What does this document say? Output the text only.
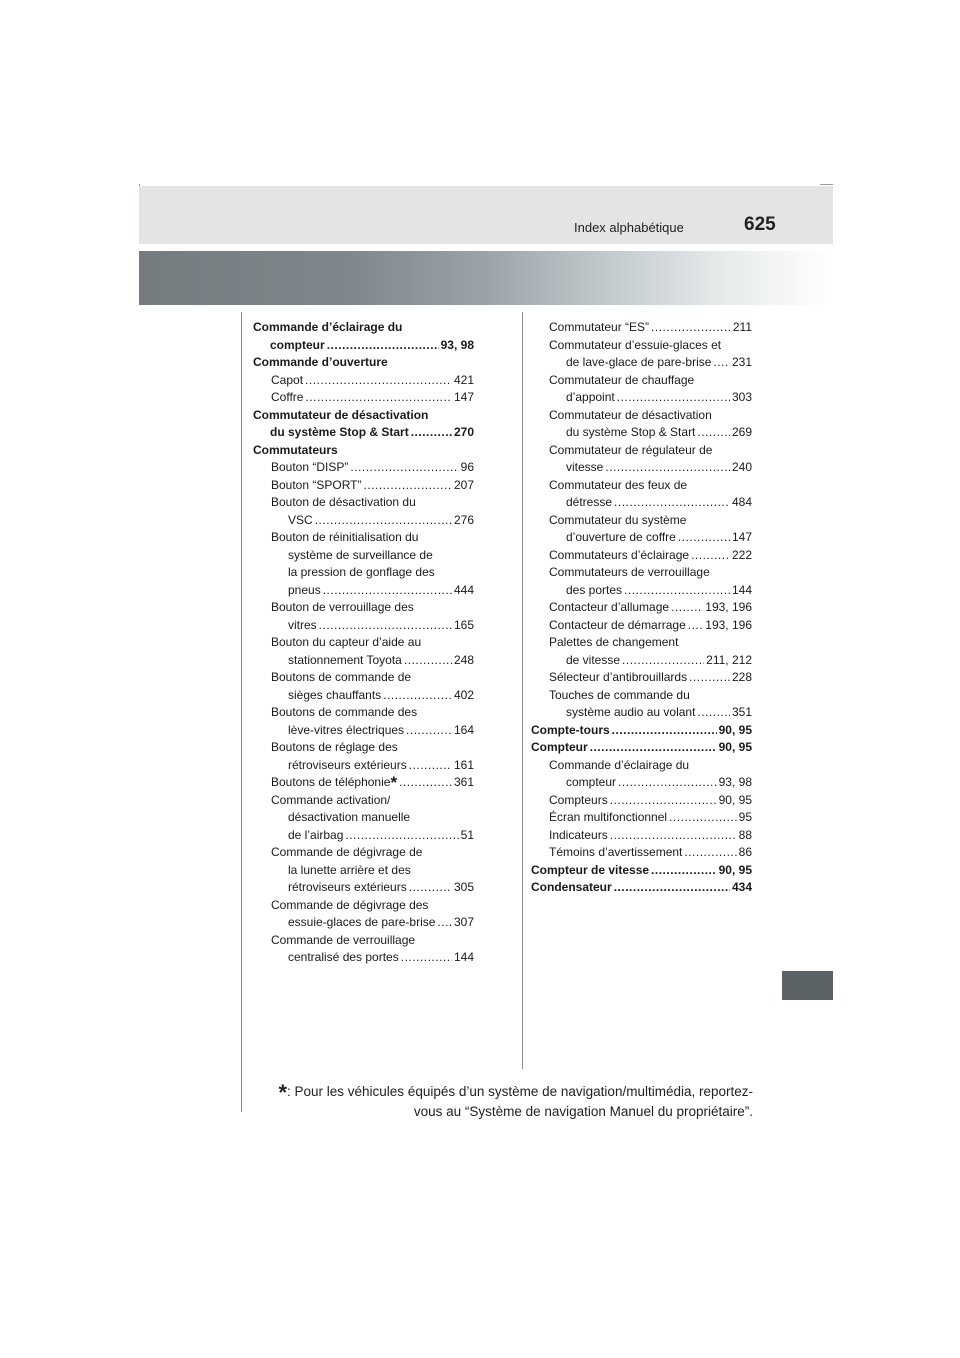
Index alphabétique	625
Commande d’éclairage du
compteur .....	93, 98
Commande d’ouverture
Capot .....	421
Coffre .....	147
Commutateur de désactivation
du système Stop & Start .....	270
Commutateurs
Bouton “DISP” .....	96
Bouton “SPORT” .....	207
Bouton de désactivation du
VSC .....	276
Bouton de réinitialisation du
système de surveillance de
la pression de gonflage des
pneus .....	444
Bouton de verrouillage des
vitres .....	165
Bouton du capteur d’aide au
stationnement Toyota .....	248
Boutons de commande de
sièges chauffants .....	402
Boutons de commande des
lève-vitres électriques .....	164
Boutons de réglage des
rétroviseurs extérieurs .....	161
Boutons de téléphonie* .....	361
Commande activation/
désactivation manuelle
de l’airbag .....	51
Commande de dégivrage de
la lunette arrière et des
rétroviseurs extérieurs .....	305
Commande de dégivrage des
essuie-glaces de pare-brise ..... 307
Commande de verrouillage
centralisé des portes .....	144
Commutateur “ES” .....	211
Commutateur d’essuie-glaces et
de lave-glace de pare-brise ..... 231
Commutateur de chauffage
d’appoint .....	303
Commutateur de désactivation
du système Stop & Start .....	269
Commutateur de régulateur de
vitesse .....	240
Commutateur des feux de
détresse .....	484
Commutateur du système
d’ouverture de coffre .....	147
Commutateurs d’éclairage .....	222
Commutateurs de verrouillage
des portes .....	144
Contacteur d’allumage .....	193, 196
Contacteur de démarrage ..... 193, 196
Palettes de changement
de vitesse .....	211, 212
Sélecteur d’antibrouillards .....	228
Touches de commande du
système audio au volant .....	351
Compte-tours .....	90, 95
Compteur .....	90, 95
Commande d’éclairage du
compteur .....	93, 98
Compteurs .....	90, 95
Écran multifonctionnel .....	95
Indicateurs .....	88
Témoins d’avertissement .....	86
Compteur de vitesse .....	90, 95
Condensateur .....	434
*: Pour les véhicules équipés d’un système de navigation/multimédia, reportez-
vous au “Système de navigation Manuel du propriétaire”.
